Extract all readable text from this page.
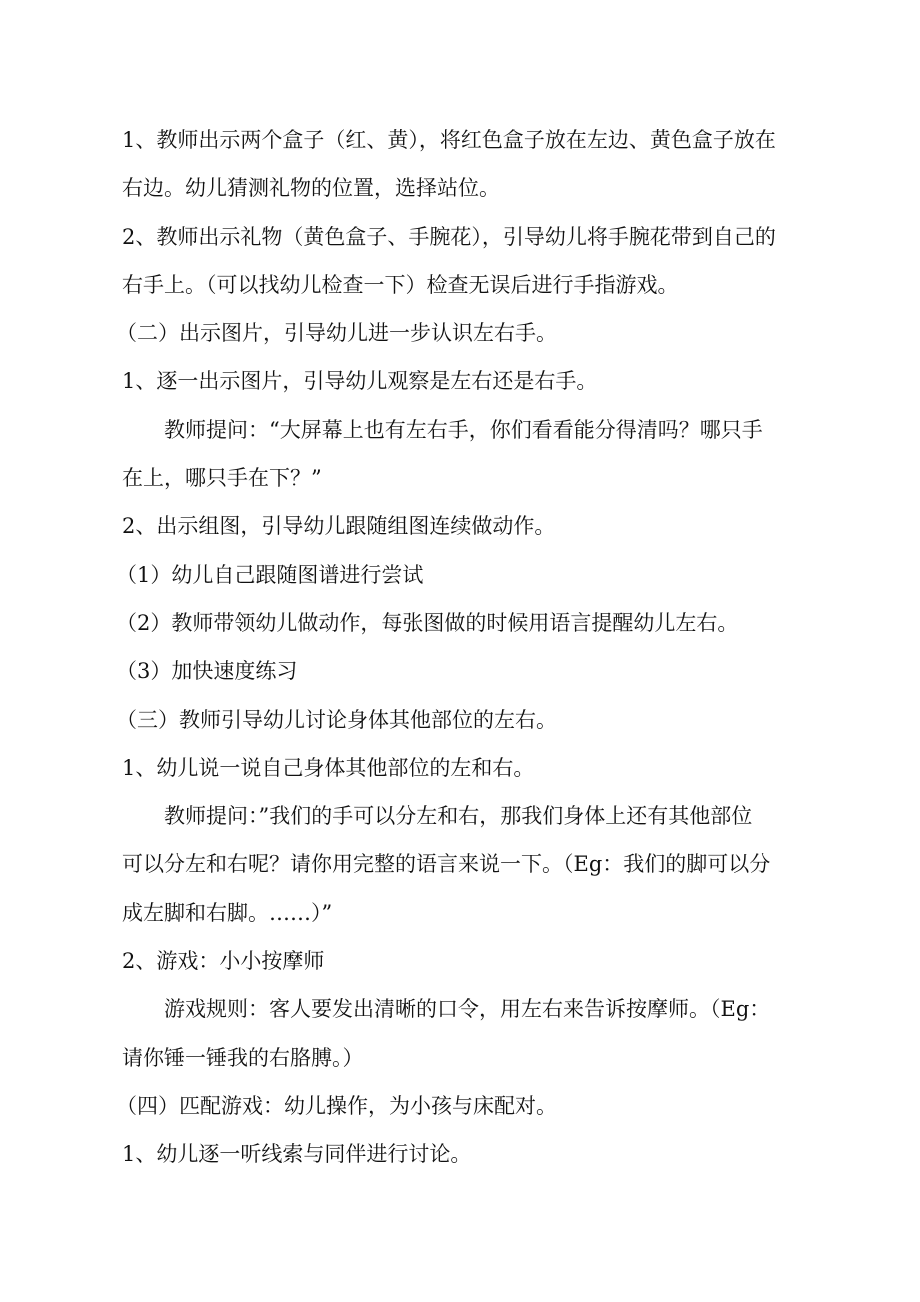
1、教师出示两个盒子（红、黄），将红色盒子放在左边、黄色盒子放在
右边。幼儿猜测礼物的位置，选择站位。
2、教师出示礼物（黄色盒子、手腕花），引导幼儿将手腕花带到自己的
右手上。（可以找幼儿检查一下）检查无误后进行手指游戏。
（二）出示图片，引导幼儿进一步认识左右手。
1、逐一出示图片，引导幼儿观察是左右还是右手。
教师提问：“大屏幕上也有左右手，你们看看能分得清吗？哪只手
在上，哪只手在下？”
2、出示组图，引导幼儿跟随组图连续做动作。
（1）幼儿自己跟随图谱进行尝试
（2）教师带领幼儿做动作，每张图做的时候用语言提醒幼儿左右。
（3）加快速度练习
（三）教师引导幼儿讨论身体其他部位的左右。
1、幼儿说一说自己身体其他部位的左和右。
教师提问：”我们的手可以分左和右，那我们身体上还有其他部位
可以分左和右呢？请你用完整的语言来说一下。（Eg：我们的脚可以分
成左脚和右脚。……）”
2、游戏：小小按摩师
游戏规则：客人要发出清晰的口令，用左右来告诉按摩师。（Eg：
请你锤一锤我的右胳膊。）
（四）匹配游戏：幼儿操作，为小孩与床配对。
1、幼儿逐一听线索与同伴进行讨论。
